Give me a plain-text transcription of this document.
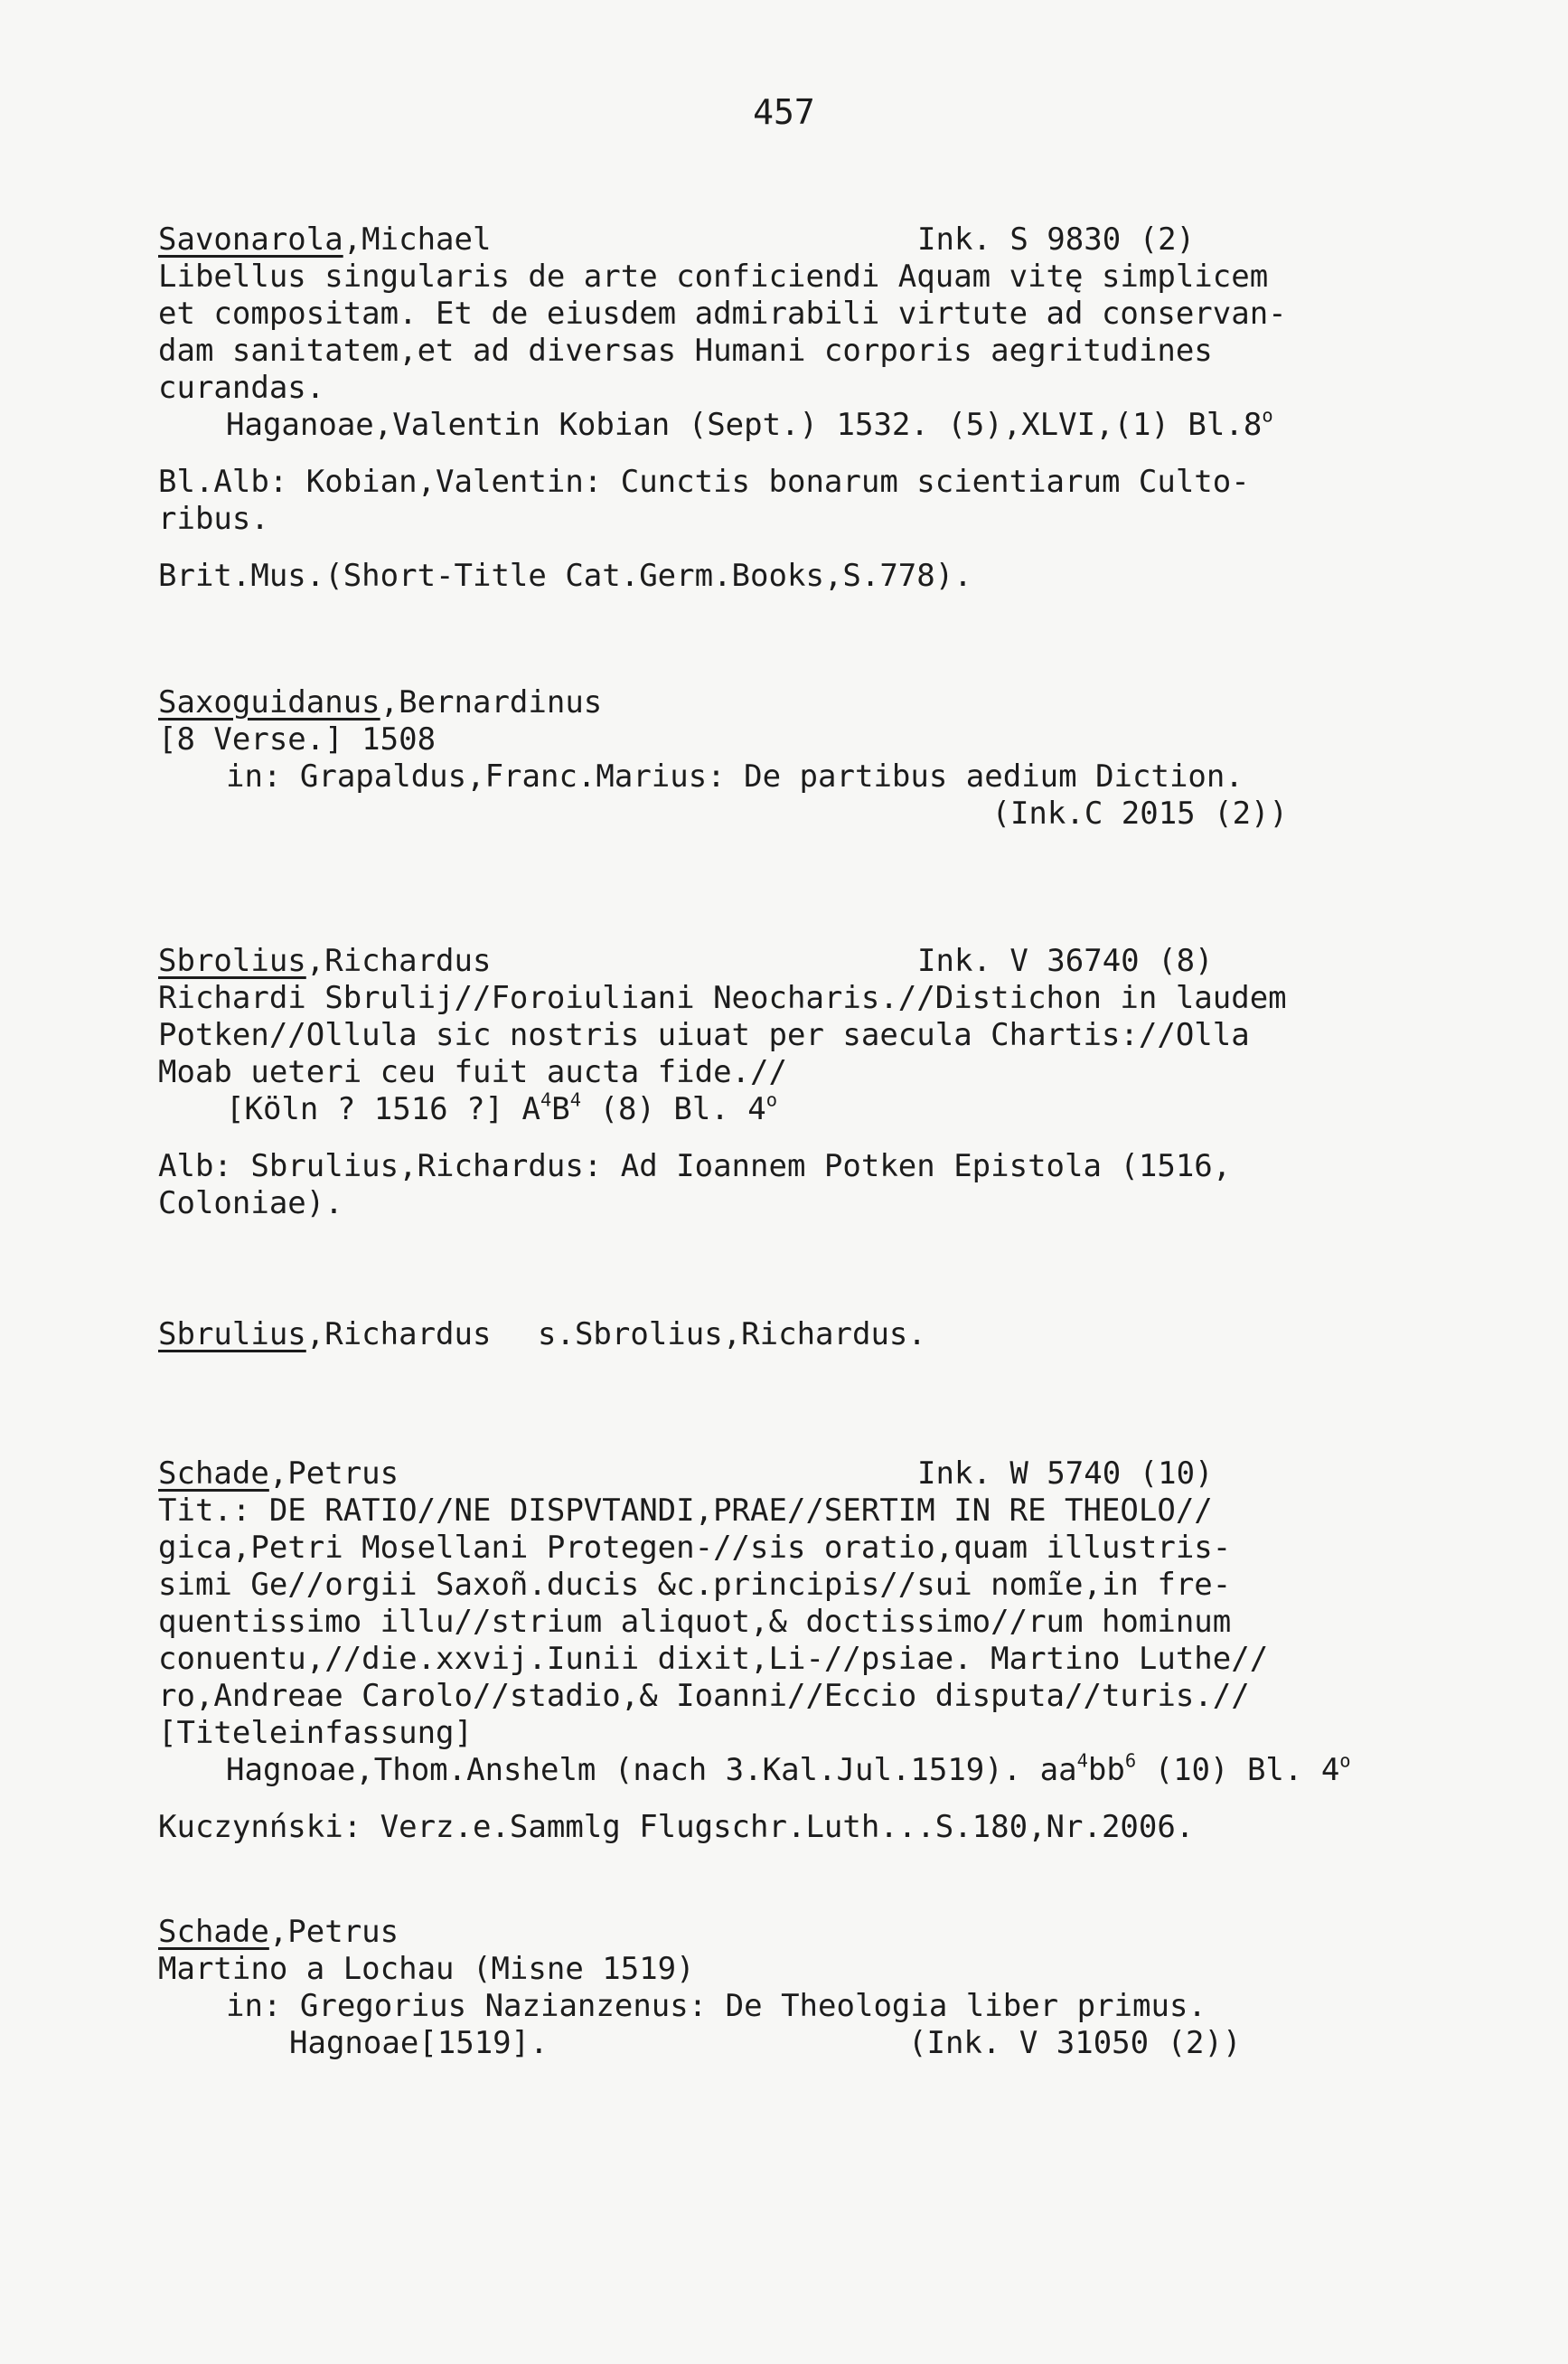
457
Savonarola,Michael	Ink. S 9830 (2)
Libellus singularis de arte conficiendi Aquam vitę simplicem
et compositam. Et de eiusdem admirabili virtute ad conservan-
dam sanitatem,et ad diversas Humani corporis aegritudines
curandas.
Haganoae,Valentin Kobian (Sept.) 1532. (5),XLVI,(1) Bl.8$^o$
Bl.Alb: Kobian,Valentin: Cunctis bonarum scientiarum Culto-
ribus.
Brit.Mus.(Short-Title Cat.Germ.Books,S.778).
Saxoguidanus,Bernardinus
[8 Verse.] 1508
in: Grapaldus,Franc.Marius: De partibus aedium Diction.
(Ink.C 2015 (2))
Sbrolius,Richardus	Ink. V 36740 (8)
Richardi Sbrulij//Foroiuliani Neocharis.//Distichon in laudem
Potken//Ollula sic nostris uiuat per saecula Chartis://Olla
Moab ueteri ceu fuit aucta fide.//
[Köln ? 1516 ?] $A^4B^4$ (8) Bl. 4$^o$
Alb: Sbrulius,Richardus: Ad Ioannem Potken Epistola (1516,
Coloniae).
Sbrulius,Richardus s.Sbrolius,Richardus.
Schade,Petrus	Ink. W 5740 (10)
Tit.: DE RATIO//NE DISPVTANDI,PRAE//SERTIM IN RE THEOLO//
gica,Petri Mosellani Protegen-//sis oratio,quam illustris-
simi Ge//orgii Saxoñ.ducis &c.principis//sui nomĩe,in fre-
quentissimo illu//strium aliquot,& doctissimo//rum hominum
conuentu,//die.xxvij.Iunii dixit,Li-//psiae. Martino Luthe//
ro,Andreae Carolo//stadio,& Ioanni//Eccio disputa//turis.//
[Titeleinfassung]
Hagnoae,Thom.Anshelm (nach 3.Kal.Jul.1519). $aa^4bb^6$ (10) Bl. 4$^o$
Kuczynński: Verz.e.Sammlg Flugschr.Luth...S.180,Nr.2006.
Schade,Petrus
Martino a Lochau (Misne 1519)
in: Gregorius Nazianzenus: De Theologia liber primus.
Hagnoae[1519].	(Ink. V 31050 (2))
